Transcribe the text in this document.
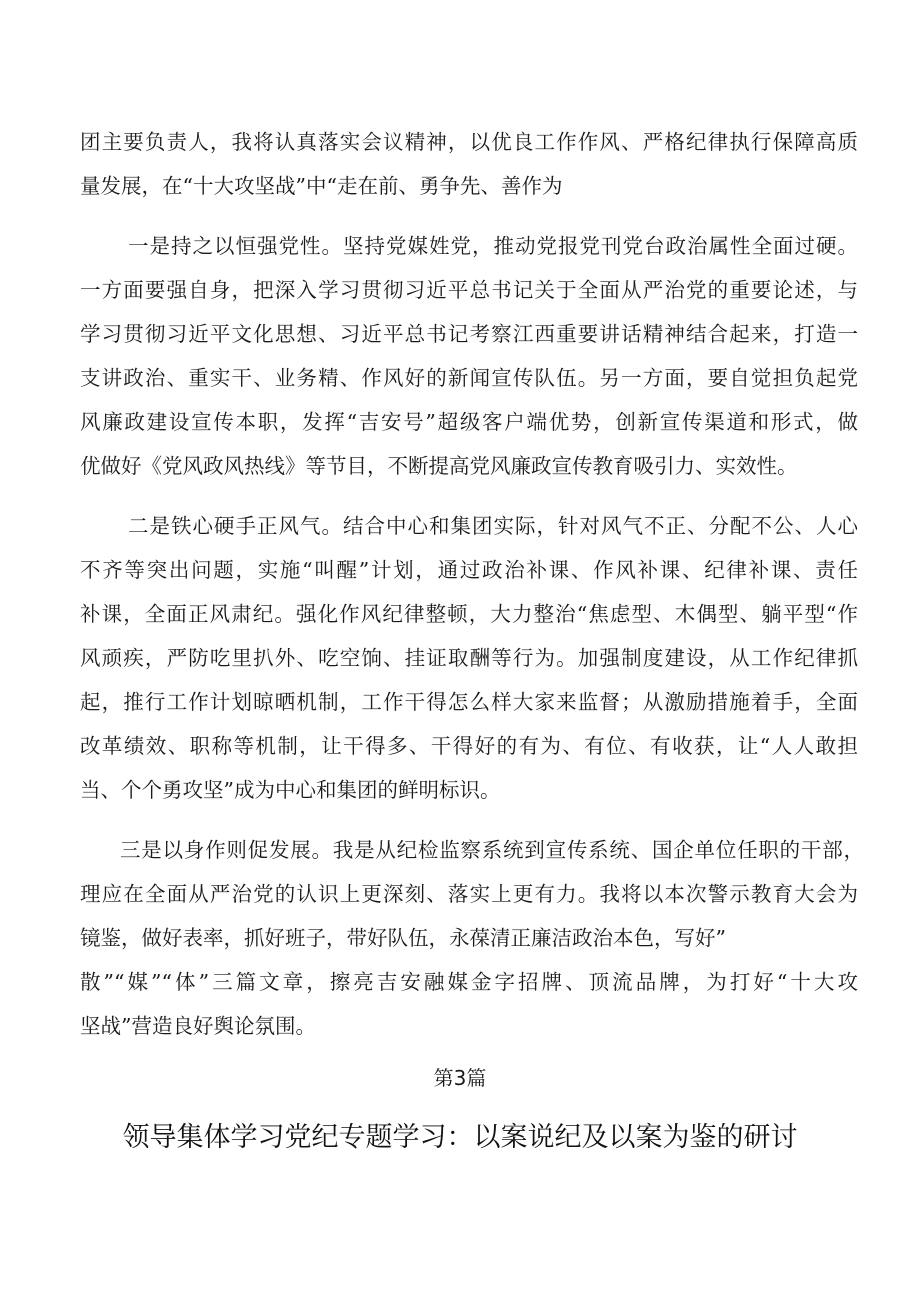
团主要负责人，我将认真落实会议精神，以优良工作作风、严格纪律执行保障高质
量发展，在“十大攻坚战”中“走在前、勇争先、善作为
一是持之以恒强党性。坚持党媒姓党，推动党报党刊党台政治属性全面过硬。
一方面要强自身，把深入学习贯彻习近平总书记关于全面从严治党的重要论述，与
学习贯彻习近平文化思想、习近平总书记考察江西重要讲话精神结合起来，打造一
支讲政治、重实干、业务精、作风好的新闻宣传队伍。另一方面，要自觉担负起党
风廉政建设宣传本职，发挥“吉安号”超级客户端优势，创新宣传渠道和形式，做
优做好《党风政风热线》等节目，不断提高党风廉政宣传教育吸引力、实效性。
二是铁心硬手正风气。结合中心和集团实际，针对风气不正、分配不公、人心
不齐等突出问题，实施“叫醒”计划，通过政治补课、作风补课、纪律补课、责任
补课，全面正风肃纪。强化作风纪律整顿，大力整治“焦虑型、木偶型、躺平型“作
风顽疾，严防吃里扒外、吃空饷、挂证取酬等行为。加强制度建设，从工作纪律抓
起，推行工作计划晾晒机制，工作干得怎么样大家来监督；从激励措施着手，全面
改革绩效、职称等机制，让干得多、干得好的有为、有位、有收获，让“人人敢担
当、个个勇攻坚”成为中心和集团的鲜明标识。
三是以身作则促发展。我是从纪检监察系统到宣传系统、国企单位任职的干部，
理应在全面从严治党的认识上更深刻、落实上更有力。我将以本次警示教育大会为
镜鉴，做好表率，抓好班子，带好队伍，永葆清正廉洁政治本色，写好”
散”“媒”“体”三篇文章，擦亮吉安融媒金字招牌、顶流品牌，为打好“十大攻
坚战”营造良好舆论氛围。
第3篇
领导集体学习党纪专题学习：以案说纪及以案为鉴的研讨
